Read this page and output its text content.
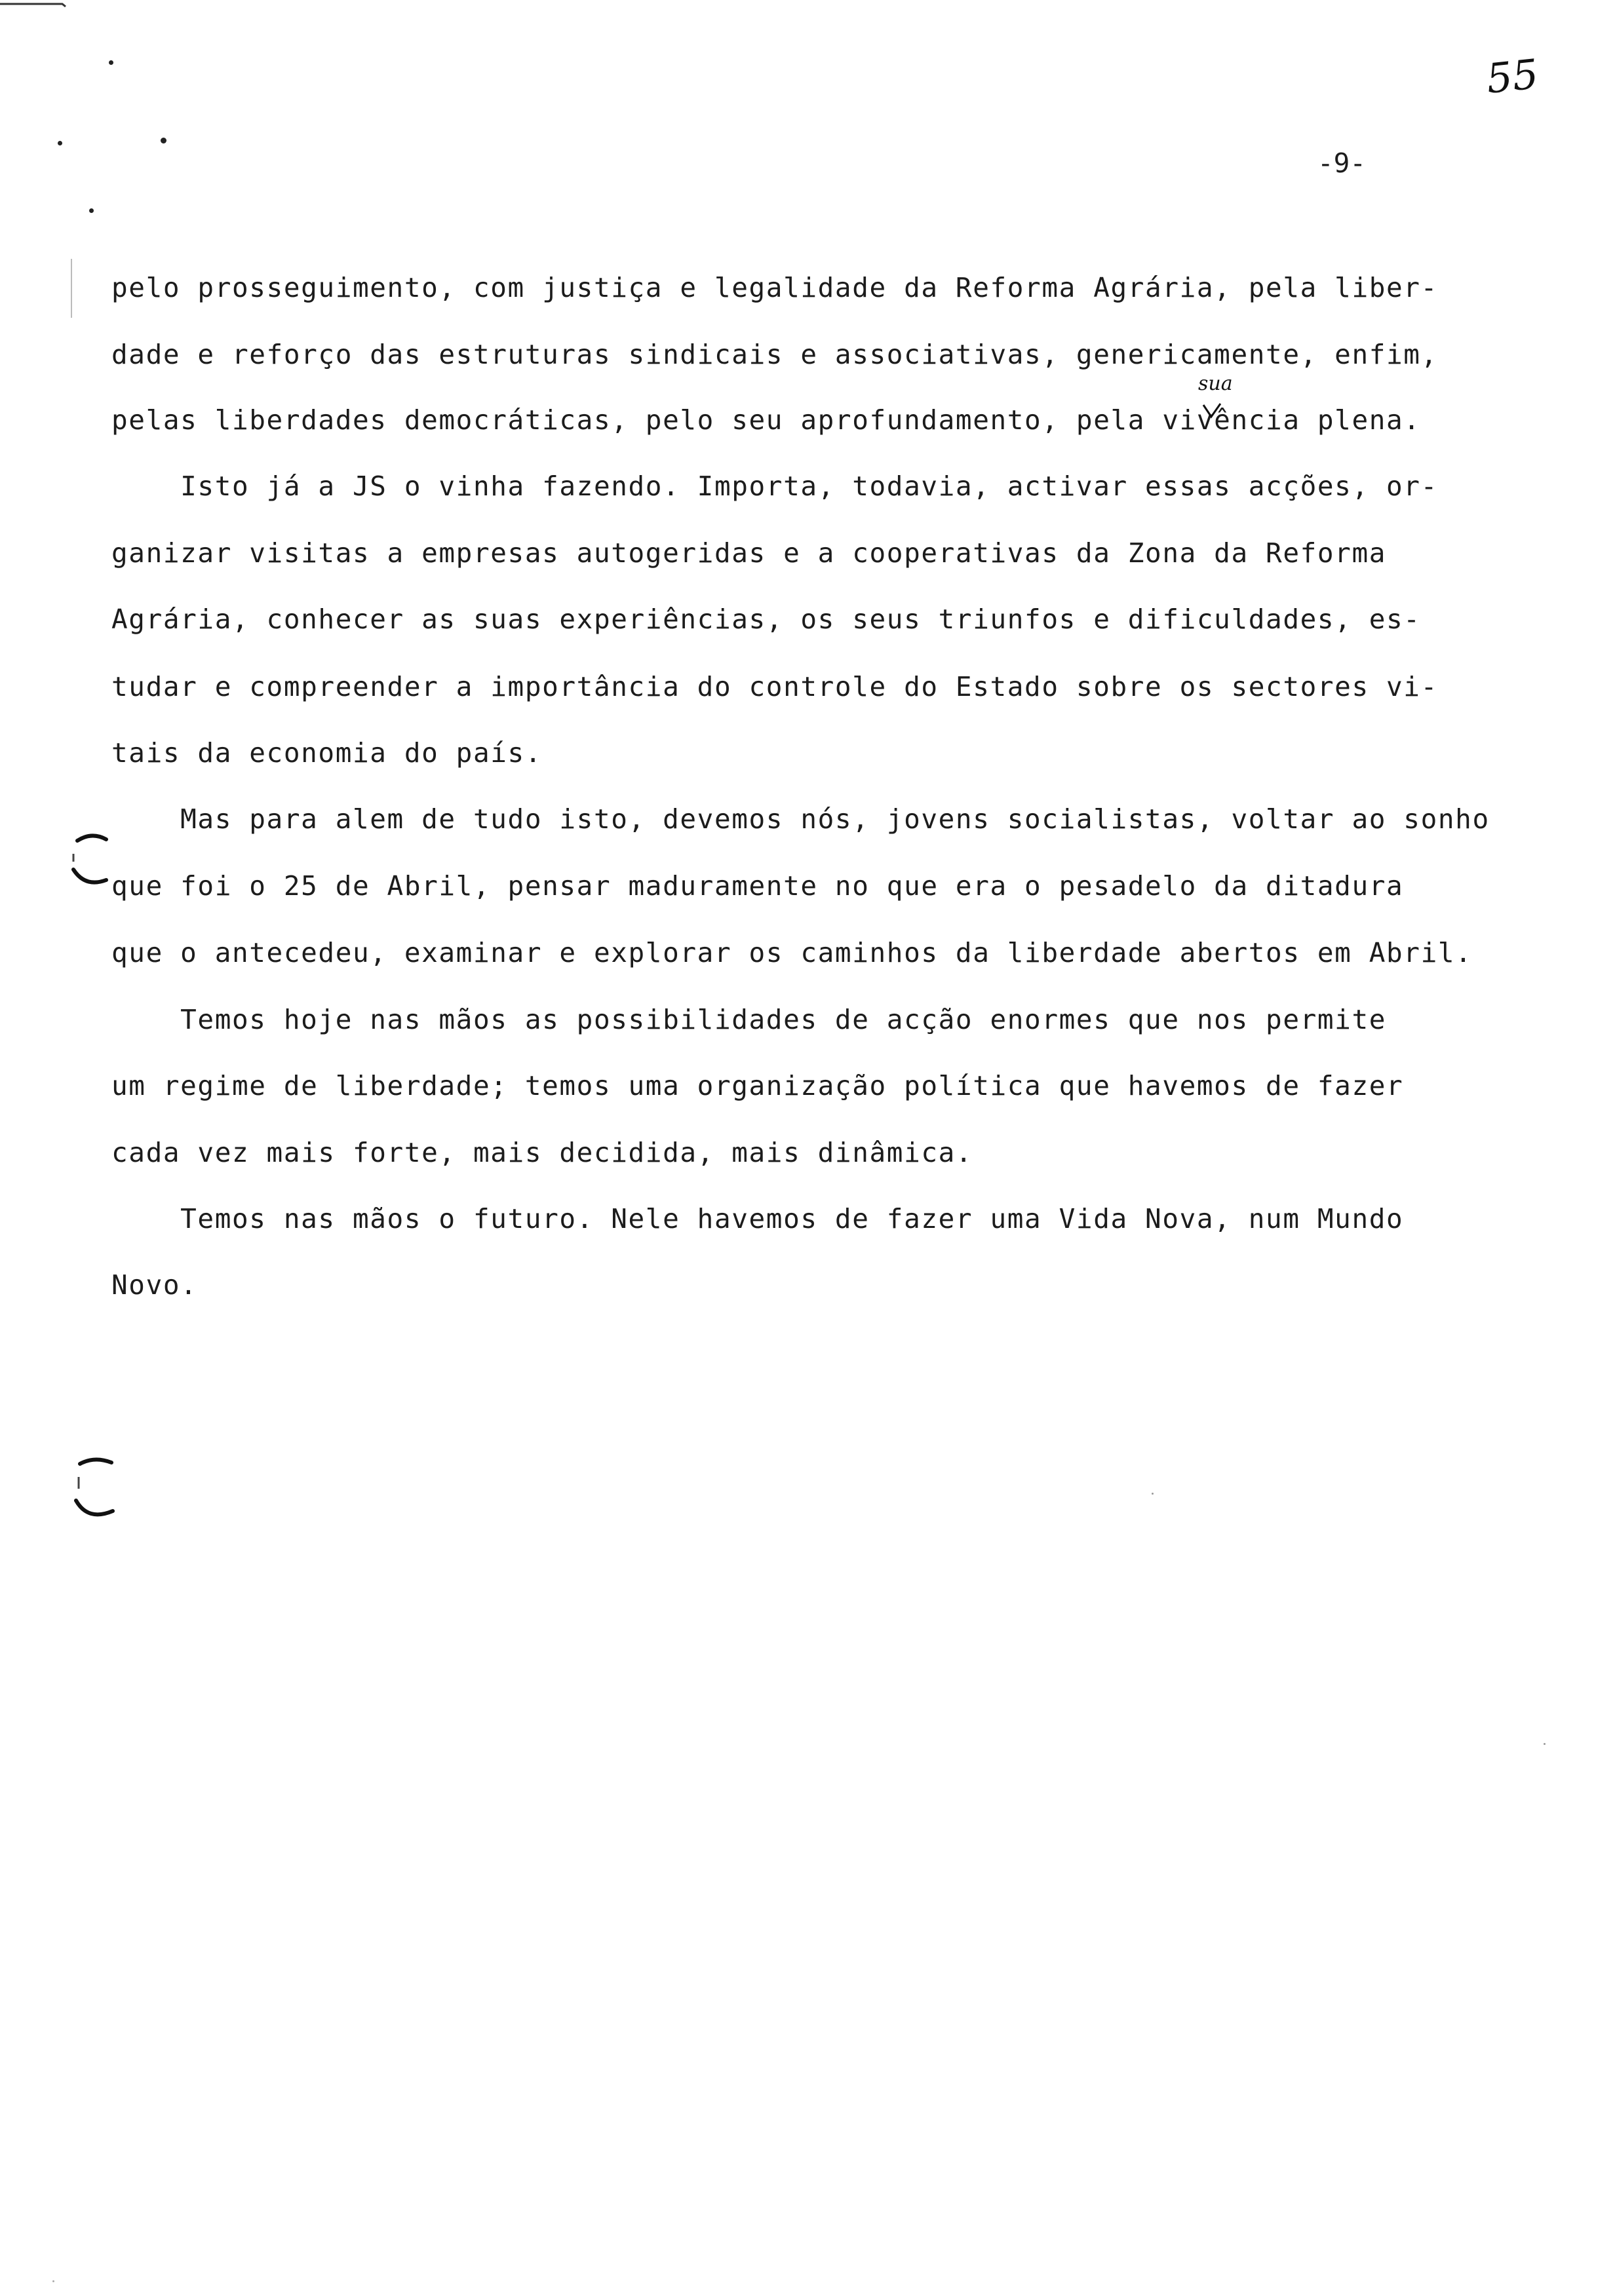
55
-9-
pelo prosseguimento, com justiça e legalidade da Reforma Agrária, pela liber-
dade e reforço das estruturas sindicais e associativas, genericamente, enfim,
pelas liberdades democráticas, pelo seu aprofundamento, pela vivência plena.
sua
Isto já a JS o vinha fazendo. Importa, todavia, activar essas acções, or-
ganizar visitas a empresas autogeridas e a cooperativas da Zona da Reforma
Agrária, conhecer as suas experiências, os seus triunfos e dificuldades, es-
tudar e compreender a importância do controle do Estado sobre os sectores vi-
tais da economia do país.
Mas para alem de tudo isto, devemos nós, jovens socialistas, voltar ao sonho
que foi o 25 de Abril, pensar maduramente no que era o pesadelo da ditadura
que o antecedeu, examinar e explorar os caminhos da liberdade abertos em Abril.
Temos hoje nas mãos as possibilidades de acção enormes que nos permite
um regime de liberdade; temos uma organização política que havemos de fazer
cada vez mais forte, mais decidida, mais dinâmica.
Temos nas mãos o futuro. Nele havemos de fazer uma Vida Nova, num Mundo
Novo.
